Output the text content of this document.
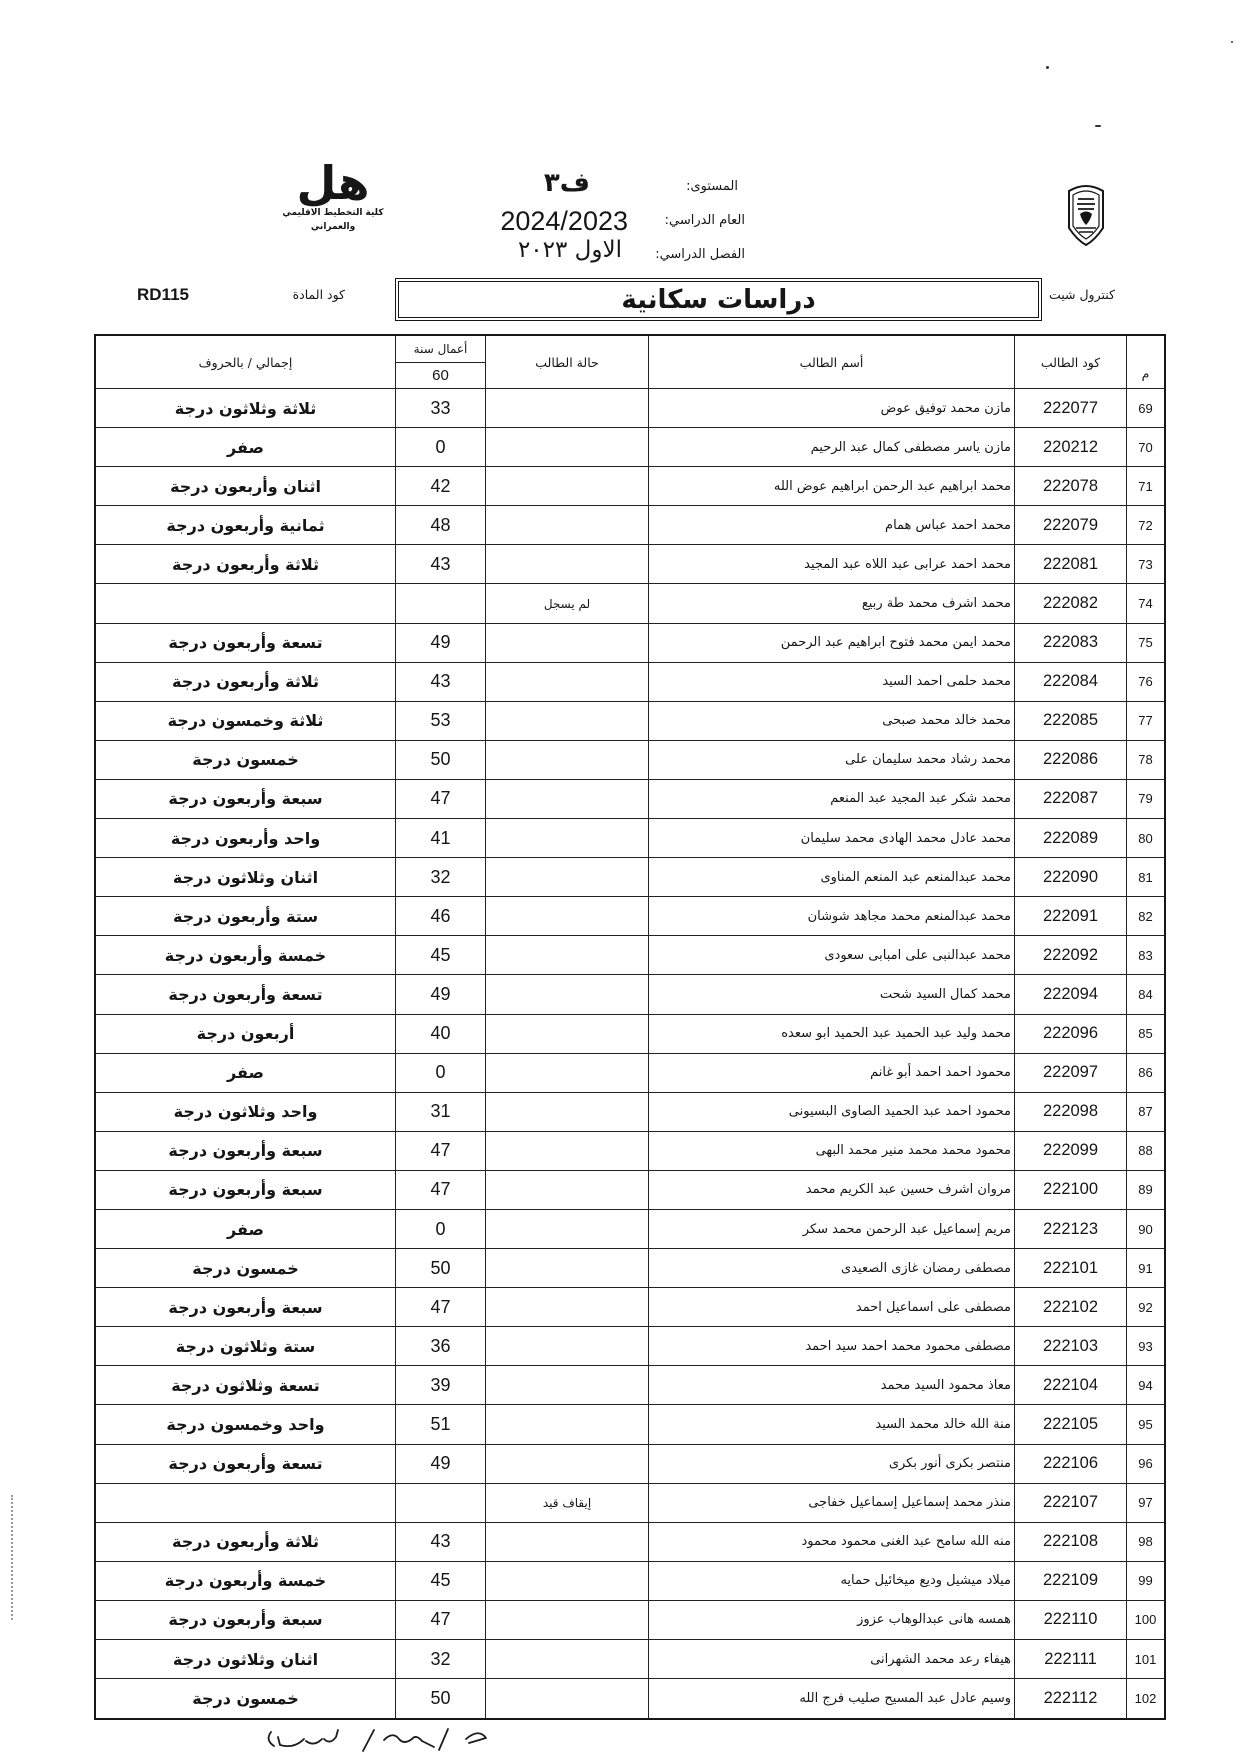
هل
كلية التخطيط الاقليمي
والعمراني
المستوى:
ف٣
العام الدراسي:
2024/2023
الفصل الدراسي:
الاول ٢٠٢٣
كنترول شيت
دراسات سكانية
كود المادة
RD115
م
كود الطالب
أسم الطالب
حالة الطالب
أعمال سنة
60
إجمالي / بالحروف
69
222077
مازن محمد توفيق عوض
33
ثلاثة وثلاثون درجة
70
220212
مازن ياسر مصطفى كمال عبد الرحيم
0
صفر
71
222078
محمد ابراهيم عبد الرحمن ابراهيم عوض الله
42
اثنان وأربعون درجة
72
222079
محمد احمد عباس همام
48
ثمانية وأربعون درجة
73
222081
محمد احمد عرابى عبد اللاه عبد المجيد
43
ثلاثة وأربعون درجة
74
222082
محمد اشرف محمد طة ربيع
لم يسجل
75
222083
محمد ايمن محمد فتوح ابراهيم عبد الرحمن
49
تسعة وأربعون درجة
76
222084
محمد حلمى احمد السيد
43
ثلاثة وأربعون درجة
77
222085
محمد خالد محمد صبحى
53
ثلاثة وخمسون درجة
78
222086
محمد رشاد محمد سليمان على
50
خمسون درجة
79
222087
محمد شكر عبد المجيد عبد المنعم
47
سبعة وأربعون درجة
80
222089
محمد عادل محمد الهادى محمد سليمان
41
واحد وأربعون درجة
81
222090
محمد عبدالمنعم عبد المنعم المناوى
32
اثنان وثلاثون درجة
82
222091
محمد عبدالمنعم محمد مجاهد شوشان
46
ستة وأربعون درجة
83
222092
محمد عبدالنبى على امبابى سعودى
45
خمسة وأربعون درجة
84
222094
محمد كمال السيد شحت
49
تسعة وأربعون درجة
85
222096
محمد وليد عبد الحميد عبد الحميد ابو سعده
40
أربعون درجة
86
222097
محمود احمد احمد أبو غانم
0
صفر
87
222098
محمود احمد عبد الحميد الصاوى البسيونى
31
واحد وثلاثون درجة
88
222099
محمود محمد محمد منير محمد البهى
47
سبعة وأربعون درجة
89
222100
مروان اشرف حسين عبد الكريم محمد
47
سبعة وأربعون درجة
90
222123
مريم إسماعيل عبد الرحمن محمد سكر
0
صفر
91
222101
مصطفى رمضان غازى الصعيدى
50
خمسون درجة
92
222102
مصطفى على اسماعيل احمد
47
سبعة وأربعون درجة
93
222103
مصطفى محمود محمد احمد سيد احمد
36
ستة وثلاثون درجة
94
222104
معاذ محمود السيد محمد
39
تسعة وثلاثون درجة
95
222105
منة الله خالد محمد السيد
51
واحد وخمسون درجة
96
222106
منتصر بكرى أنور بكرى
49
تسعة وأربعون درجة
97
222107
منذر محمد إسماعيل إسماعيل خفاجى
إيقاف قيد
98
222108
منه الله سامح عبد الغنى محمود محمود
43
ثلاثة وأربعون درجة
99
222109
ميلاد ميشيل وديع ميخائيل حمايه
45
خمسة وأربعون درجة
100
222110
همسه هانى عبدالوهاب عزوز
47
سبعة وأربعون درجة
101
222111
هيفاء رعد محمد الشهرانى
32
اثنان وثلاثون درجة
102
222112
وسيم عادل عبد المسيح صليب فرج الله
50
خمسون درجة
